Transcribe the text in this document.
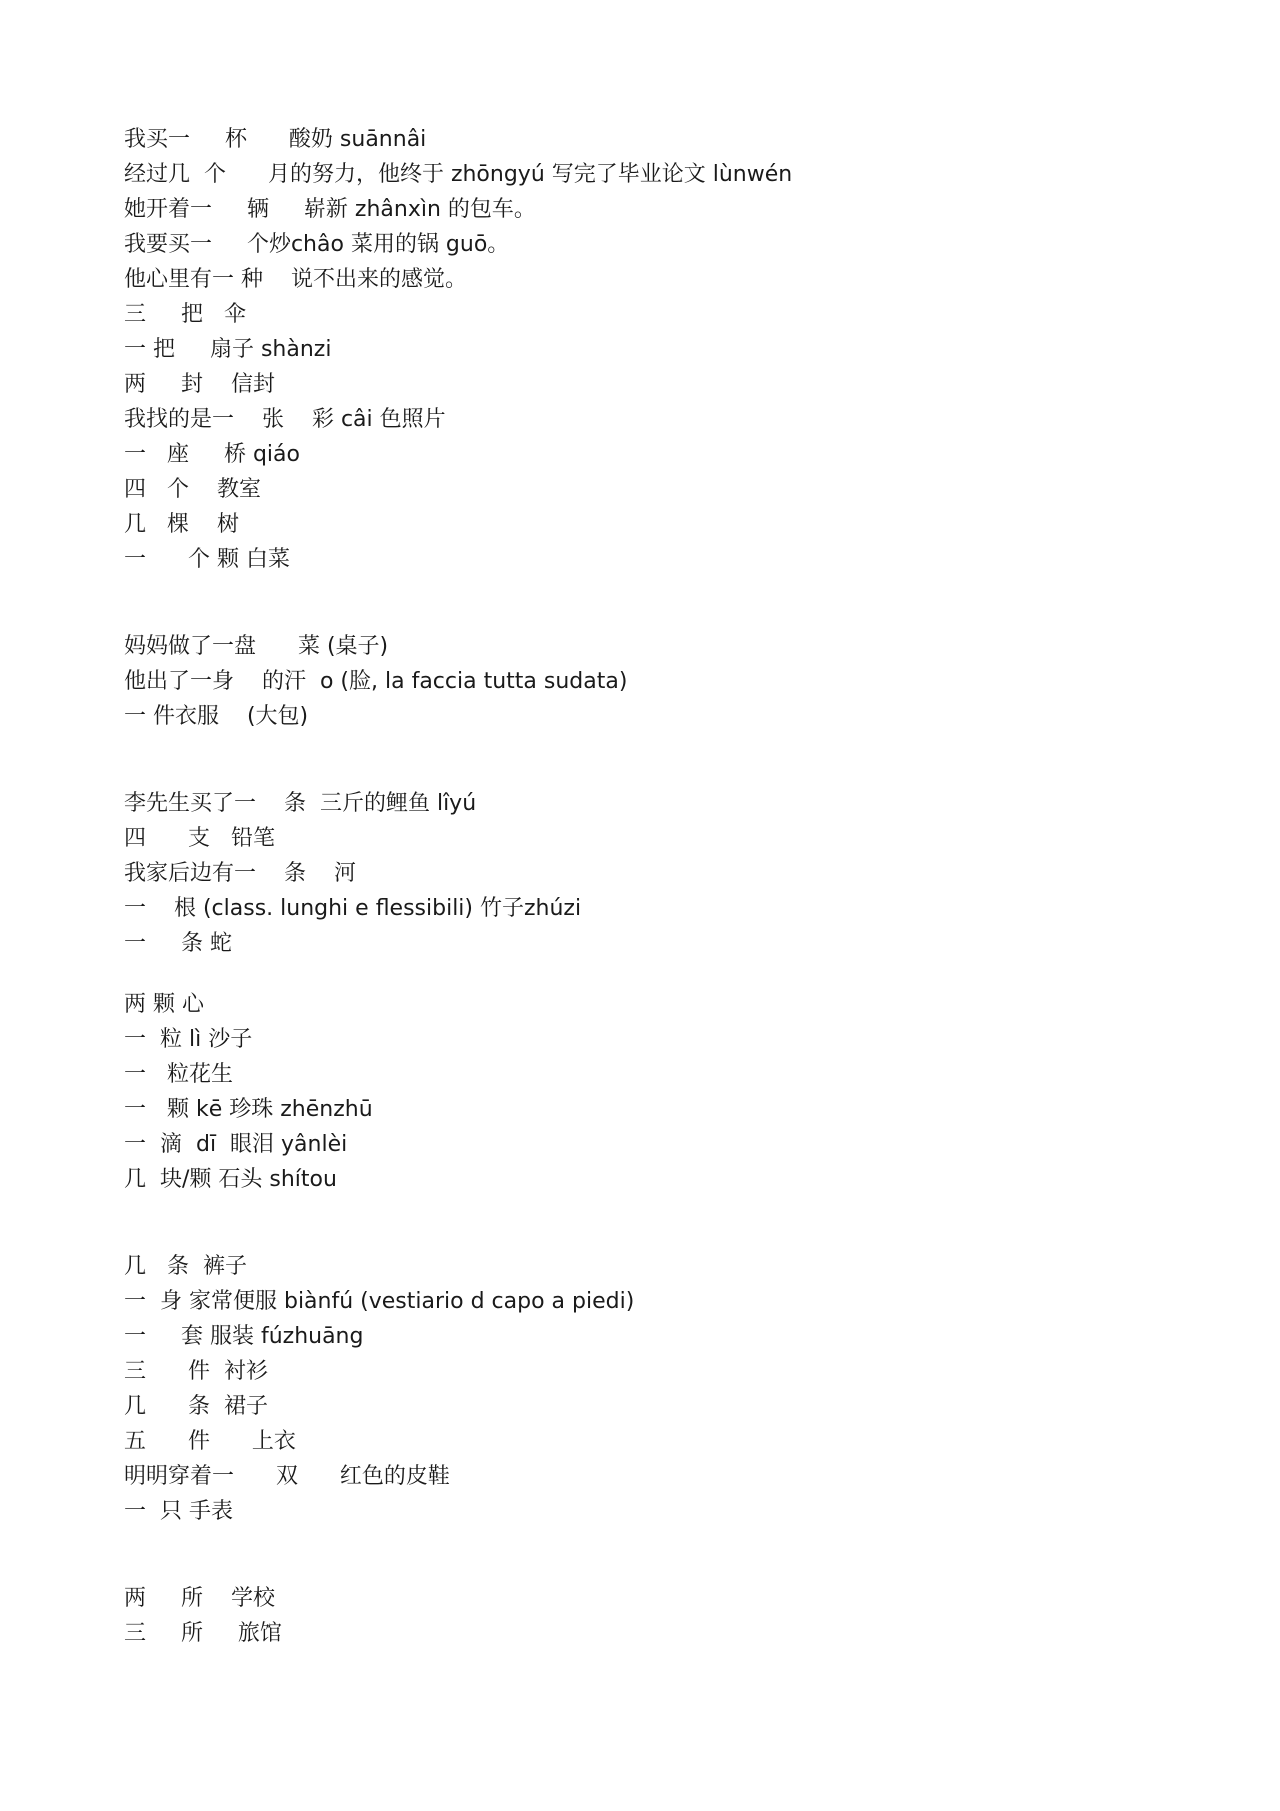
我买一     杯      酸奶 suānnâi
经过几  个      月的努力，他终于 zhōngyú 写完了毕业论文 lùnwén
她开着一     辆     崭新 zhânxìn 的包车。
我要买一     个炒châo 菜用的锅 guō。
他心里有一 种    说不出来的感觉。
三     把   伞
一 把     扇子 shànzi
两     封    信封
我找的是一    张    彩 câi 色照片
一   座     桥 qiáo
四   个    教室
几   棵    树
一      个 颗 白菜
妈妈做了一盘      菜 (桌子)
他出了一身    的汗  o (脸, la faccia tutta sudata)
一 件衣服    (大包)
李先生买了一    条  三斤的鲤鱼 lîyú
四      支   铅笔
我家后边有一    条    河
一    根 (class. lunghi e flessibili) 竹子zhúzi
一     条 蛇
两 颗 心
一  粒 lì 沙子
一   粒花生
一   颗 kē 珍珠 zhēnzhū
一  滴  dī  眼泪 yânlèi
几  块/颗 石头 shítou
几   条  裤子
一  身 家常便服 biànfú (vestiario d capo a piedi)
一     套 服装 fúzhuāng
三      件  衬衫
几      条  裙子
五      件      上衣
明明穿着一      双      红色的皮鞋
一  只 手表
两     所    学校
三     所     旅馆
